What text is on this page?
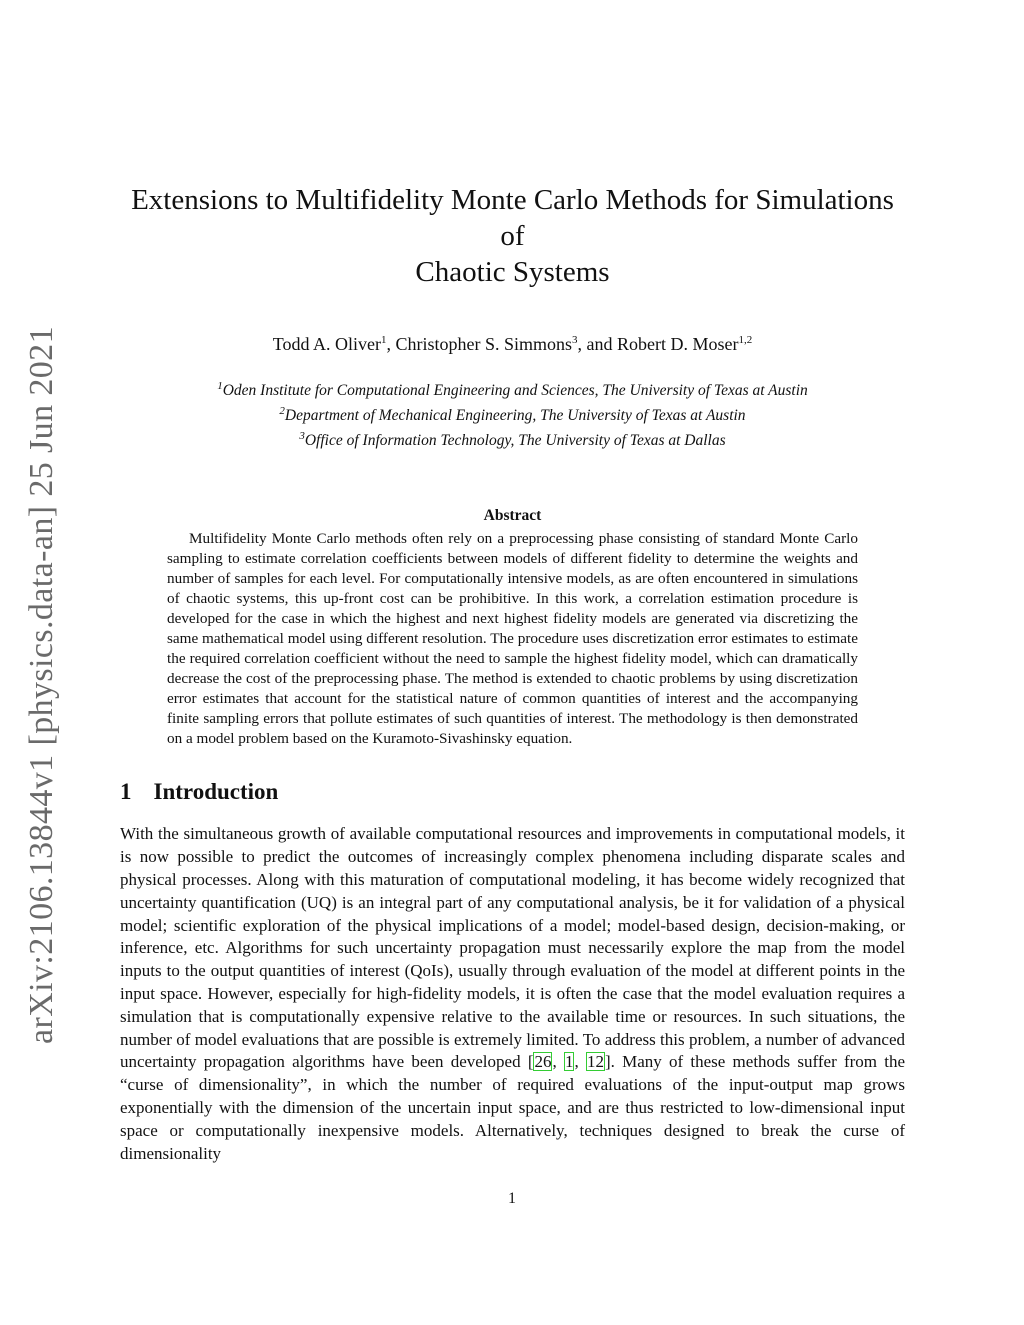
arXiv:2106.13844v1 [physics.data-an] 25 Jun 2021
Extensions to Multifidelity Monte Carlo Methods for Simulations of
Chaotic Systems
Todd A. Oliver$^1$, Christopher S. Simmons$^3$, and Robert D. Moser$^{1,2}$
$^1$Oden Institute for Computational Engineering and Sciences, The University of Texas at Austin
$^2$Department of Mechanical Engineering, The University of Texas at Austin
$^3$Office of Information Technology, The University of Texas at Dallas
Abstract
Multifidelity Monte Carlo methods often rely on a preprocessing phase consisting of standard Monte Carlo sampling to estimate correlation coefficients between models of different fidelity to determine the weights and number of samples for each level. For computationally intensive models, as are often encountered in simulations of chaotic systems, this up-front cost can be prohibitive. In this work, a correlation estimation procedure is developed for the case in which the highest and next highest fidelity models are generated via discretizing the same mathematical model using different resolution. The procedure uses discretization error estimates to estimate the required correlation coefficient without the need to sample the highest fidelity model, which can dramatically decrease the cost of the preprocessing phase. The method is extended to chaotic problems by using discretization error estimates that account for the statistical nature of common quantities of interest and the accompanying finite sampling errors that pollute estimates of such quantities of interest. The methodology is then demonstrated on a model problem based on the Kuramoto-Sivashinsky equation.
1 Introduction
With the simultaneous growth of available computational resources and improvements in computational models, it is now possible to predict the outcomes of increasingly complex phenomena including disparate scales and physical processes. Along with this maturation of computational modeling, it has become widely recognized that uncertainty quantification (UQ) is an integral part of any computational analysis, be it for validation of a physical model; scientific exploration of the physical implications of a model; model-based design, decision-making, or inference, etc. Algorithms for such uncertainty propagation must necessarily explore the map from the model inputs to the output quantities of interest (QoIs), usually through evaluation of the model at different points in the input space. However, especially for high-fidelity models, it is often the case that the model evaluation requires a simulation that is computationally expensive relative to the available time or resources. In such situations, the number of model evaluations that are possible is extremely limited. To address this problem, a number of advanced uncertainty propagation algorithms have been developed [26, 1, 12]. Many of these methods suffer from the “curse of dimensionality”, in which the number of required evaluations of the input-output map grows exponentially with the dimension of the uncertain input space, and are thus restricted to low-dimensional input space or computationally inexpensive models. Alternatively, techniques designed to break the curse of dimensionality
1
